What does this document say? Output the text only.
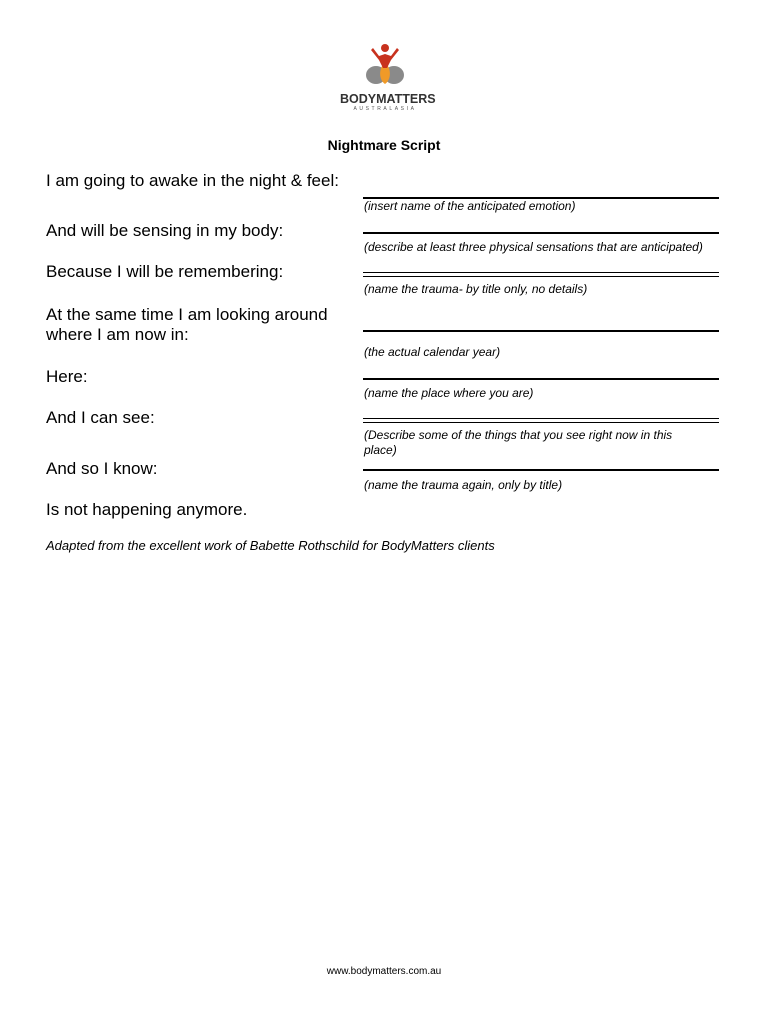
BODYMATTERS
AUSTRALASIA
Nightmare Script
I am going to awake in the night & feel:
(insert name of the anticipated emotion)
And will be sensing in my body:
(describe at least three physical sensations that are anticipated)
Because I will be remembering:
(name the trauma- by title only, no details)
At the same time I am looking around where I am now in:
(the actual calendar year)
Here:
(name the place where you are)
And I can see:
(Describe some of the things that you see right now in this place)
And so I know:
(name the trauma again, only by title)
Is not happening anymore.
Adapted from the excellent work of Babette Rothschild for BodyMatters clients
www.bodymatters.com.au
